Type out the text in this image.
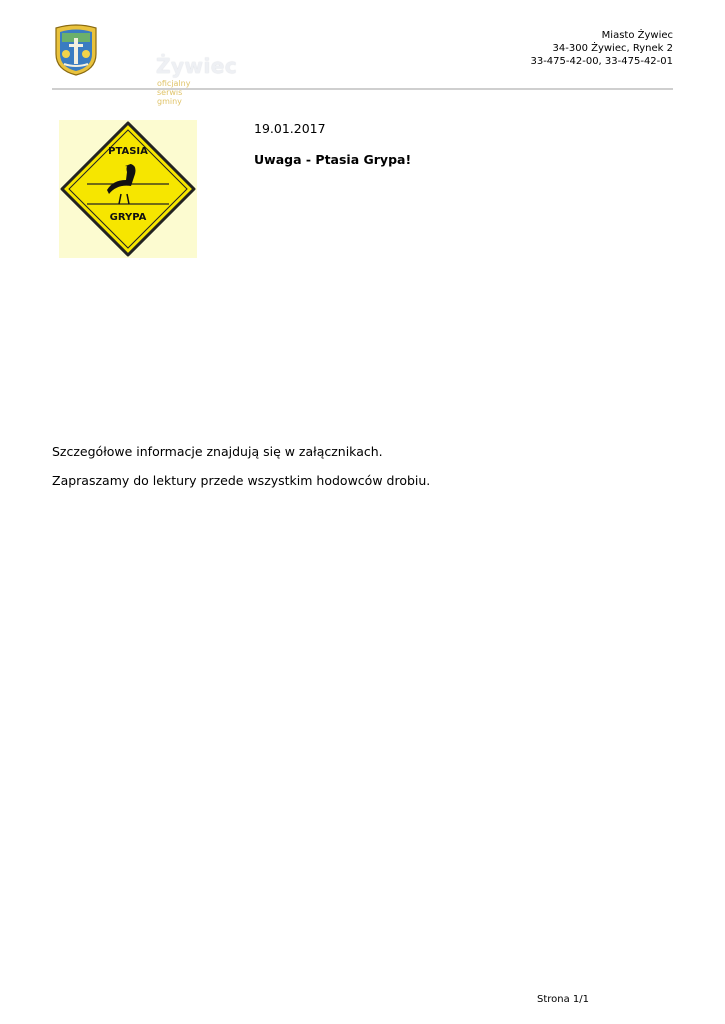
Żywiec
oficjalny serwis gminy
Miasto Żywiec
34-300 Żywiec, Rynek 2
33-475-42-00, 33-475-42-01
PTASIA
GRYPA
19.01.2017
Uwaga - Ptasia Grypa!
Szczegółowe informacje znajdują się w załącznikach.
Zapraszamy do lektury przede wszystkim hodowców drobiu.
Strona 1/1
